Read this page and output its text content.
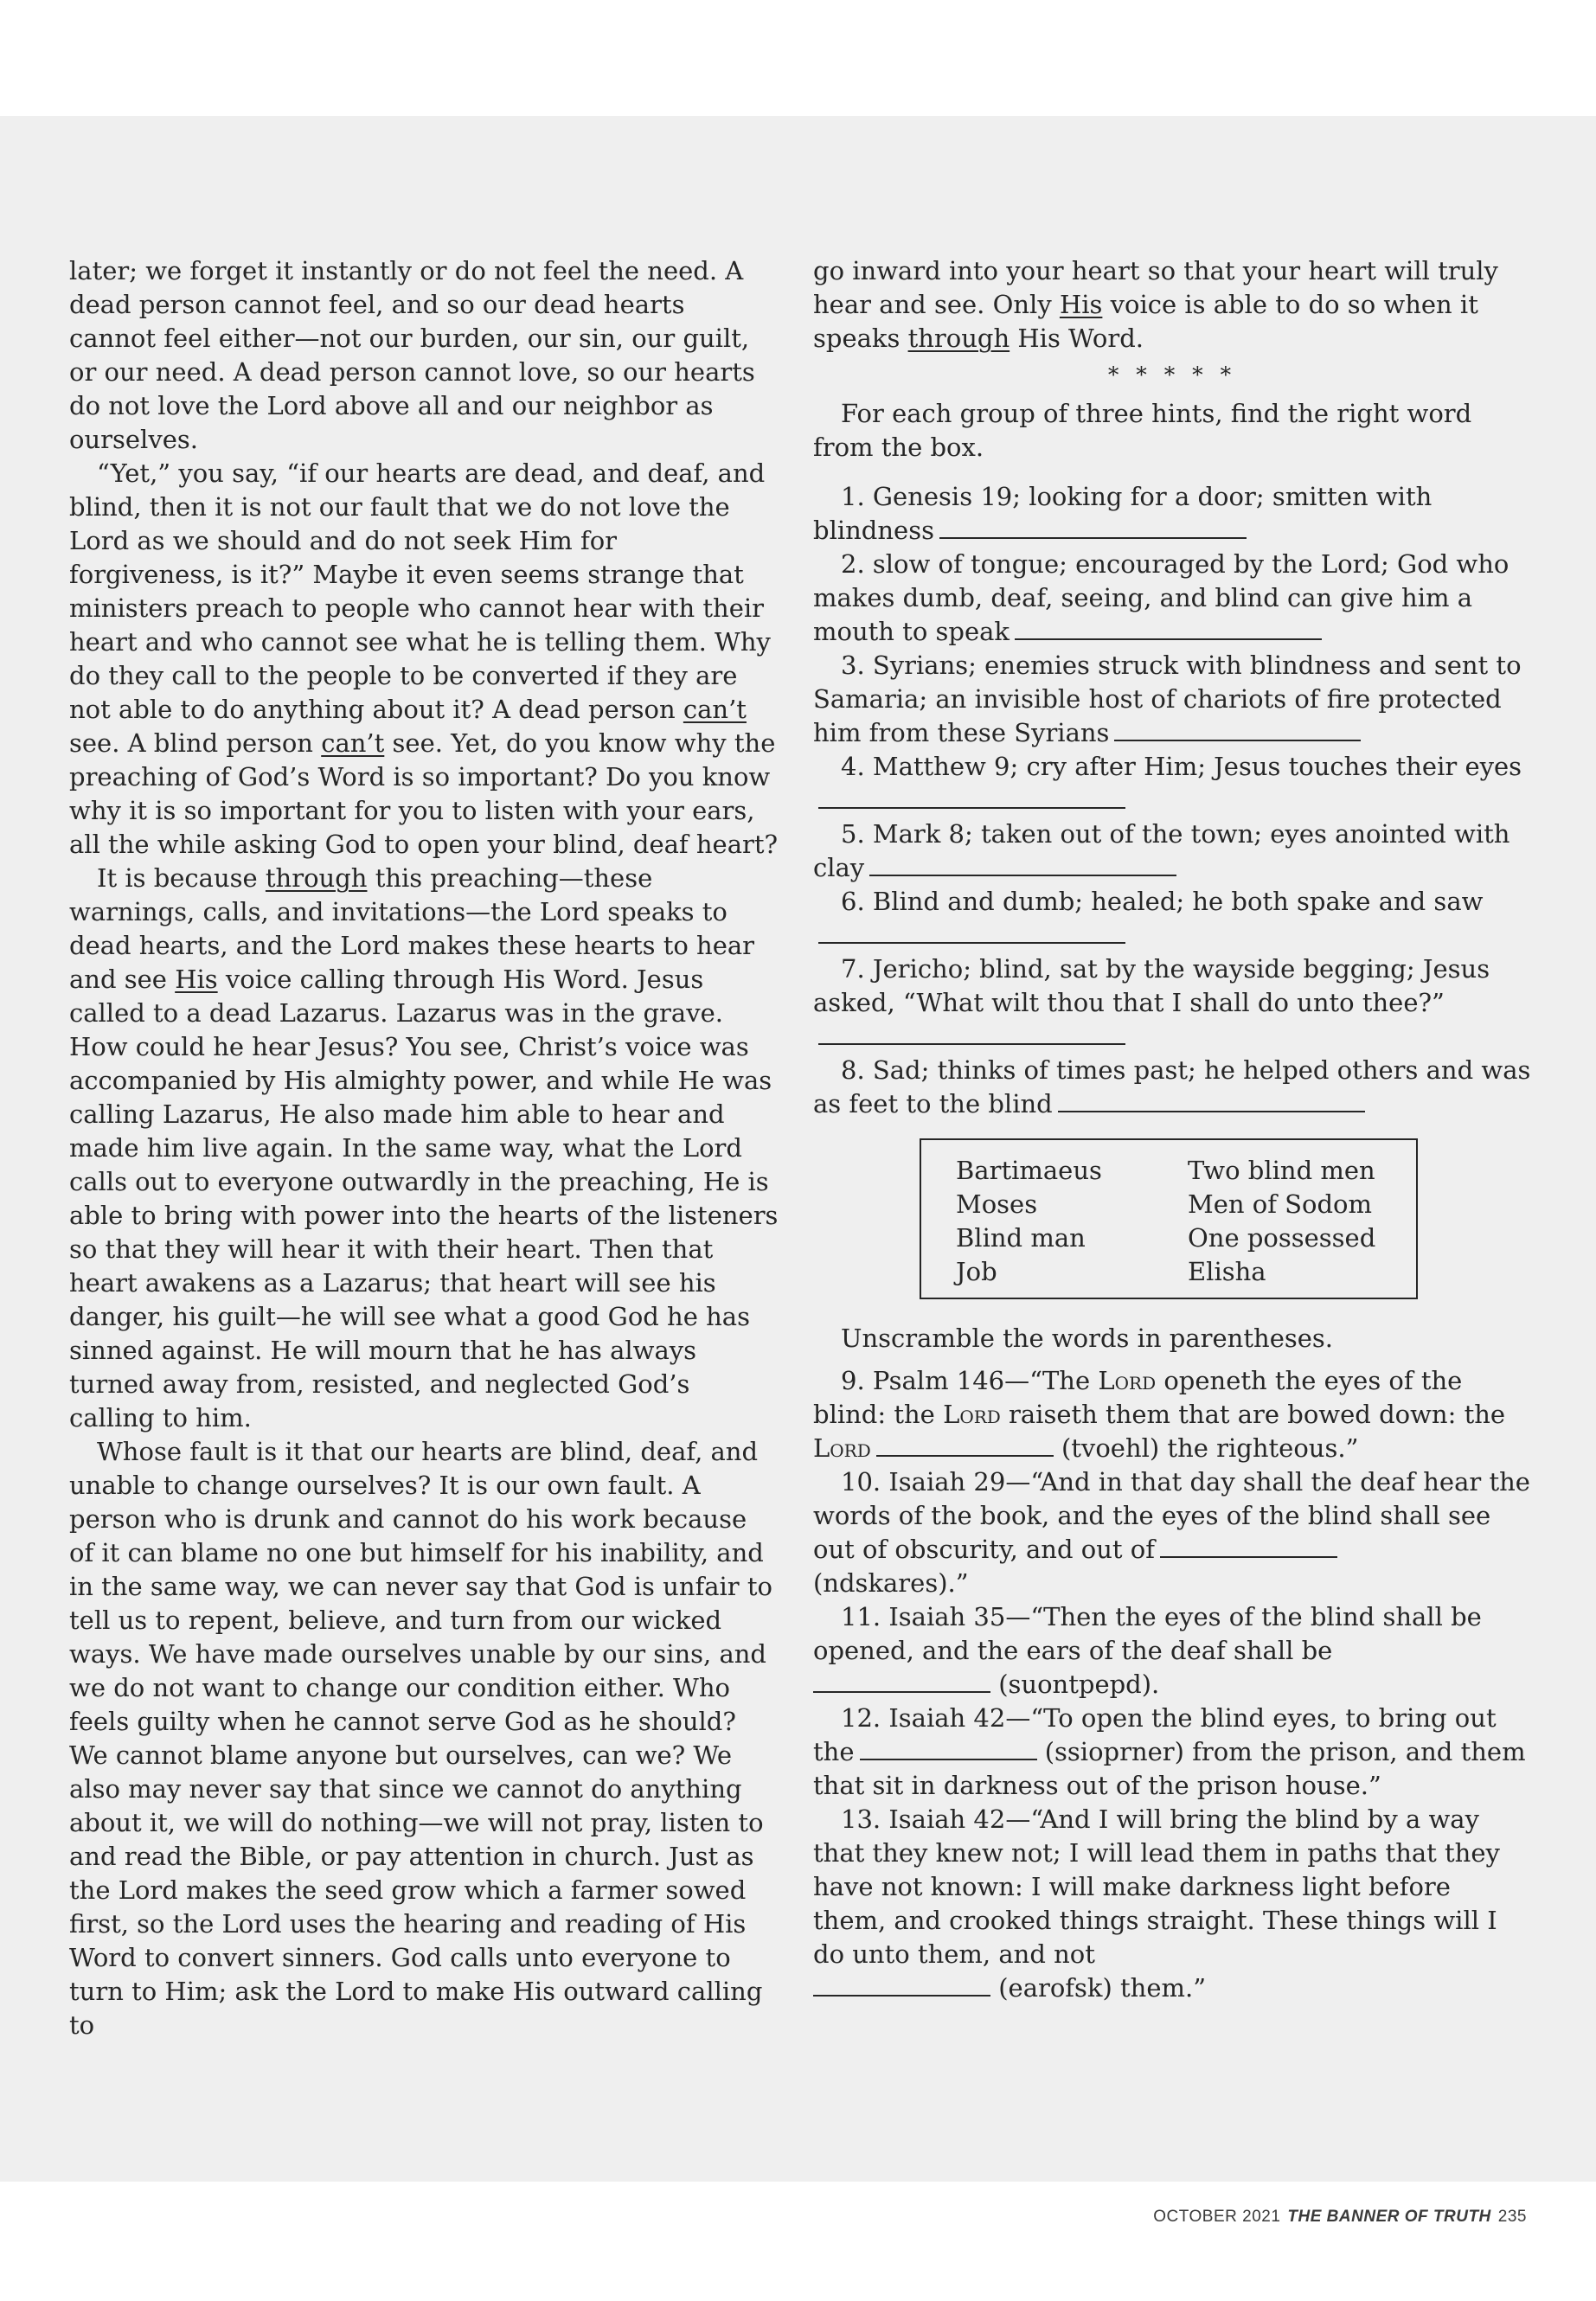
later; we forget it instantly or do not feel the need. A dead person cannot feel, and so our dead hearts cannot feel either—not our burden, our sin, our guilt, or our need. A dead person cannot love, so our hearts do not love the Lord above all and our neighbor as ourselves.

“Yet,” you say, “if our hearts are dead, and deaf, and blind, then it is not our fault that we do not love the Lord as we should and do not seek Him for forgiveness, is it?” Maybe it even seems strange that ministers preach to people who cannot hear with their heart and who cannot see what he is telling them. Why do they call to the people to be converted if they are not able to do anything about it? A dead person can’t see. A blind person can’t see. Yet, do you know why the preaching of God’s Word is so important? Do you know why it is so important for you to listen with your ears, all the while asking God to open your blind, deaf heart?

It is because through this preaching—these warnings, calls, and invitations—the Lord speaks to dead hearts, and the Lord makes these hearts to hear and see His voice calling through His Word. Jesus called to a dead Lazarus. Lazarus was in the grave. How could he hear Jesus? You see, Christ’s voice was accompanied by His almighty power, and while He was calling Lazarus, He also made him able to hear and made him live again. In the same way, what the Lord calls out to everyone outwardly in the preaching, He is able to bring with power into the hearts of the listeners so that they will hear it with their heart. Then that heart awakens as a Lazarus; that heart will see his danger, his guilt—he will see what a good God he has sinned against. He will mourn that he has always turned away from, resisted, and neglected God’s calling to him.

Whose fault is it that our hearts are blind, deaf, and unable to change ourselves? It is our own fault. A person who is drunk and cannot do his work because of it can blame no one but himself for his inability, and in the same way, we can never say that God is unfair to tell us to repent, believe, and turn from our wicked ways. We have made ourselves unable by our sins, and we do not want to change our condition either. Who feels guilty when he cannot serve God as he should? We cannot blame anyone but ourselves, can we? We also may never say that since we cannot do anything about it, we will do nothing—we will not pray, listen to and read the Bible, or pay attention in church. Just as the Lord makes the seed grow which a farmer sowed first, so the Lord uses the hearing and reading of His Word to convert sinners. God calls unto everyone to turn to Him; ask the Lord to make His outward calling to

go inward into your heart so that your heart will truly hear and see. Only His voice is able to do so when it speaks through His Word.

* * * * *

For each group of three hints, find the right word from the box.

1. Genesis 19; looking for a door; smitten with blindness

2. slow of tongue; encouraged by the Lord; God who makes dumb, deaf, seeing, and blind can give him a mouth to speak

3. Syrians; enemies struck with blindness and sent to Samaria; an invisible host of chariots of fire protected him from these Syrians

4. Matthew 9; cry after Him; Jesus touches their eyes

5. Mark 8; taken out of the town; eyes anointed with clay

6. Blind and dumb; healed; he both spake and saw

7. Jericho; blind, sat by the wayside begging; Jesus asked, “What wilt thou that I shall do unto thee?”

8. Sad; thinks of times past; he helped others and was as feet to the blind

Bartimaeus
Moses
Blind man
Job
Two blind men
Men of Sodom
One possessed
Elisha

Unscramble the words in parentheses.

9. Psalm 146—“The Lord openeth the eyes of the blind: the Lord raiseth them that are bowed down: the Lord	(tvoehl) the righteous.”

10. Isaiah 29—“And in that day shall the deaf hear the words of the book, and the eyes of the blind shall see out of obscurity, and out of
(ndskares).”

11. Isaiah 35—“Then the eyes of the blind shall be opened, and the ears of the deaf shall be
(suontpepd).

12. Isaiah 42—“To open the blind eyes, to bring out the	(ssioprner) from the prison, and them that sit in darkness out of the prison house.”

13. Isaiah 42—“And I will bring the blind by a way that they knew not; I will lead them in paths that they have not known: I will make darkness light before them, and crooked things straight. These things will I do unto them, and not
(earofsk) them.”

OCTOBER 2021 THE BANNER OF TRUTH 235
